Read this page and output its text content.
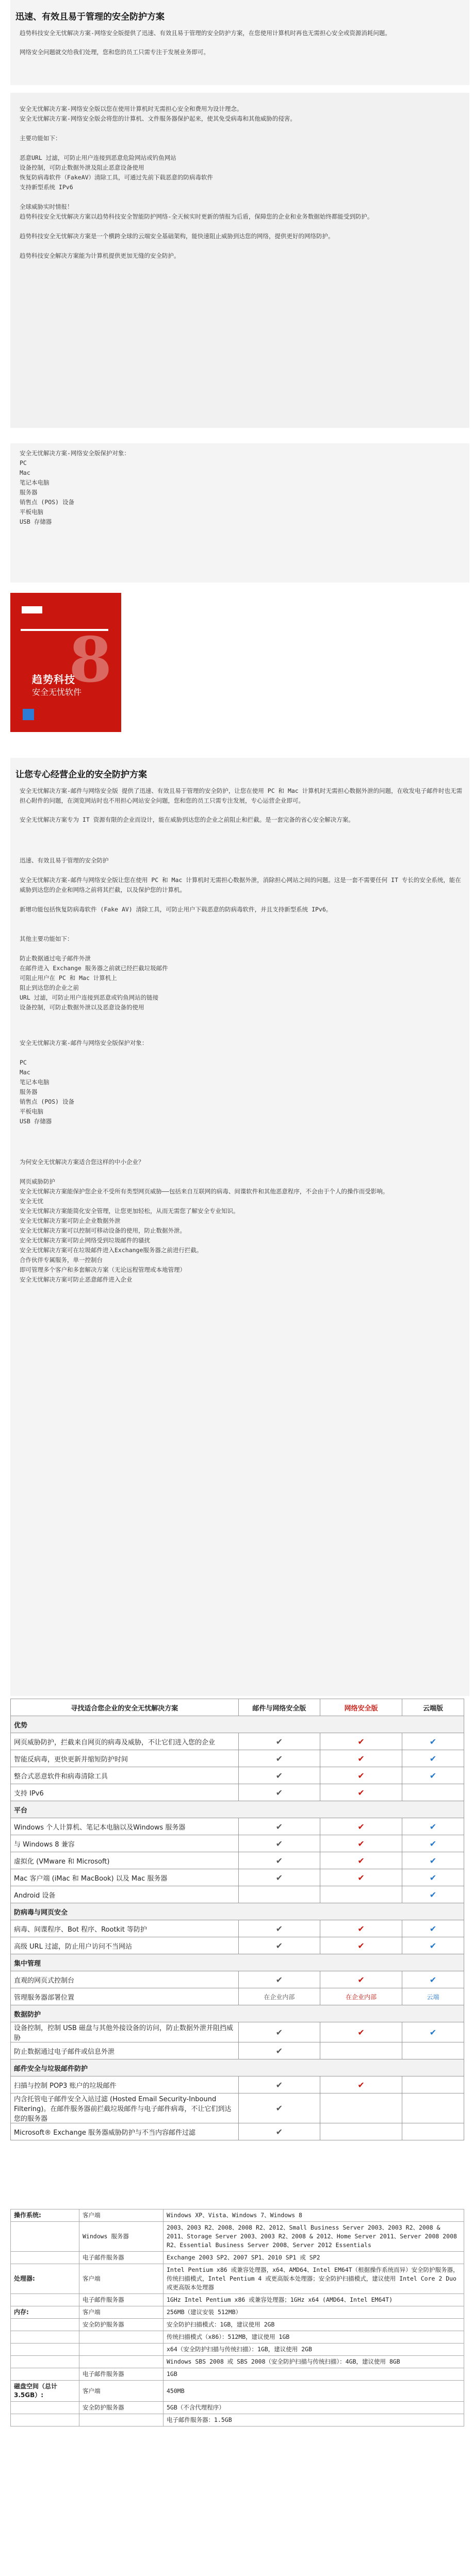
迅速、有效且易于管理的安全防护方案

趋势科技安全无忧解决方案-网络安全版提供了迅速、有效且易于管理的安全防护方案，在您使用计算机时再也无需担心安全或资源消耗问题。

网络安全问题就交给我们处理，您和您的员工只需专注于发展业务即可。

安全无忧解决方案-网络安全版以您在使用计算机时无需担心安全和费用为设计理念。

安全无忧解决方案-网络安全版会将您的计算机、文件服务器保护起来，使其免受病毒和其他威胁的侵害。

主要功能如下：

恶意URL 过滤，可防止用户连接到恶意危险网站或钓鱼网站

设备控制，可防止数据外泄及阻止恶意设备使用

恢复防病毒软件（FakeAV）清除工具，可通过先前下载恶意的防病毒软件

支持新型系统 IPv6

全球威胁实时情报！

趋势科技安全无忧解决方案以趋势科技安全智能防护网络-全天候实时更新的情报为后盾，保障您的企业和业务数据始终都能受到防护。

趋势科技安全无忧解决方案是一个横跨全球的云端安全基础架构，能快速阻止威胁到达您的网络，提供更好的网络防护。

趋势科技安全解决方案能为计算机提供更加无缝的安全防护。

安全无忧解决方案-网络安全版保护对象：

PC

Mac

笔记本电脑

服务器

销售点 (POS) 设备

平板电脑

USB 存储器

8
趋势科技
安全无忧软件
让您专心经营企业的安全防护方案

安全无忧解决方案-邮件与网络安全版 提供了迅速、有效且易于管理的安全防护，让您在使用 PC 和 Mac 计算机时无需担心数据外泄的问题，在收发电子邮件时也无需担心附件的问题，在浏览网站时也不用担心网站安全问题，您和您的员工只需专注发展，专心运营企业即可。

安全无忧解决方案专为 IT 资源有限的企业而设计，能在威胁到达您的企业之前阻止和拦截。是一套完备的省心安全解决方案。

迅速、有效且易于管理的安全防护

安全无忧解决方案-邮件与网络安全版让您在使用 PC 和 Mac 计算机时无需担心数据外泄，消除担心网站之间的问题。这是一套不需要任何 IT 专长的安全系统，能在威胁到达您的企业和网络之前将其拦截，以及保护您的计算机。

新增功能包括恢复防病毒软件 (Fake AV) 清除工具，可防止用户下载恶意的防病毒软件，并且支持新型系统 IPv6。

其他主要功能如下：

防止数据通过电子邮件外泄

在邮件进入 Exchange 服务器之前就已经拦截垃圾邮件

可阻止用户在 PC 和 Mac 计算机上

阻止到达您的企业之前

URL 过滤，可防止用户连接到恶意或钓鱼网站的链接

设备控制，可防止数据外泄以及恶意设备的使用

安全无忧解决方案-邮件与网络安全版保护对象：

PC

Mac

笔记本电脑

服务器

销售点 (POS) 设备

平板电脑

USB 存储器

为何安全无忧解决方案适合您这样的中小企业？

网页威胁防护

安全无忧解决方案能保护您企业不受所有类型网页威胁——包括来自互联网的病毒、间谍软件和其他恶意程序，不会由于个人的操作而受影响。

安全无忧

安全无忧解决方案能简化安全管理，让您更加轻松，从而无需您了解安全专业知识。

安全无忧解决方案可防止企业数据外泄

安全无忧解决方案可以控制可移动设备的使用，防止数据外泄。

安全无忧解决方案可防止网络受到垃圾邮件的骚扰

安全无忧解决方案可在垃圾邮件进入Exchange服务器之前进行拦截。

合作伙伴专属服务，单一控制台

即可管理多个客户和多套解决方案（无论远程管理或本地管理）

安全无忧解决方案可防止恶意邮件进入企业

寻找适合您企业的安全无忧解决方案	邮件与网络安全版	网络安全版	云端版
优势			
网页威胁防护，拦截来自网页的病毒及威胁，不让它们进入您的企业	✔	✔	✔
智能反病毒，更快更新并缩短防护时间	✔	✔	✔
整合式恶意软件和病毒清除工具	✔	✔	✔
支持 IPv6	✔	✔	
平台			
Windows 个人计算机、笔记本电脑以及Windows 服务器	✔	✔	✔
与 Windows 8 兼容	✔	✔	✔
虚拟化 (VMware 和 Microsoft)	✔	✔	✔
Mac 客户端 (iMac 和 MacBook) 以及 Mac 服务器	✔	✔	✔
Android 设备			✔
防病毒与网页安全			
病毒、间谍程序、Bot 程序、Rootkit 等防护	✔	✔	✔
高级 URL 过滤，防止用户访问不当网站	✔	✔	✔
集中管理			
直观的网页式控制台	✔	✔	✔
管理服务器部署位置	在企业内部	在企业内部	云端
数据防护			
设备控制，控制 USB 磁盘与其他外接设备的访问，防止数据外泄并阻挡威胁	✔	✔	✔
防止数据通过电子邮件或信息外泄	✔		
邮件安全与垃圾邮件防护			
扫描与控制 POP3 账户的垃圾邮件	✔	✔	
内含托管电子邮件安全入站过滤 (Hosted Email Security-Inbound Filtering)。在邮件服务器前拦截垃圾邮件与电子邮件病毒，不让它们到达您的服务器	✔		
Microsoft® Exchange 服务器威胁防护与不当内容邮件过滤	✔		
操作系统:	客户端	Windows XP、Vista、Windows 7、Windows 8
	Windows 服务器	2003、2003 R2、2008、2008 R2、2012、Small Business Server 2003、2003 R2、2008 & 2011、Storage Server 2003、2003 R2、2008 & 2012、Home Server 2011、Server 2008 2008 R2、Essential Business Server 2008、Server 2012 Essentials
	电子邮件服务器	Exchange 2003 SP2、2007 SP1、2010 SP1 或 SP2
处理器:	客户端	Intel Pentium x86 或兼容处理器，x64、AMD64、Intel EM64T（根据操作系统而异）安全防护服务器，传统扫描模式，Intel Pentium 4 或更高版本处理器；安全防护扫描模式，建议使用 Intel Core 2 Duo 或更高版本处理器
	电子邮件服务器	1GHz Intel Pentium x86 或兼容处理器；1GHz x64 (AMD64、Intel EM64T)
内存:	客户端	256MB（建议安装 512MB）
	安全防护服务器	安全防护扫描模式：1GB，建议使用 2GB
		传统扫描模式（x86）：512MB，建议使用 1GB
		x64（安全防护扫描与传统扫描）：1GB，建议使用 2GB
		Windows SBS 2008 或 SBS 2008（安全防护扫描与传统扫描）：4GB，建议使用 8GB
	电子邮件服务器	1GB
磁盘空间（总计 3.5GB）:	客户端	450MB
	安全防护服务器	5GB（不含代理程序）
		电子邮件服务器：1.5GB
